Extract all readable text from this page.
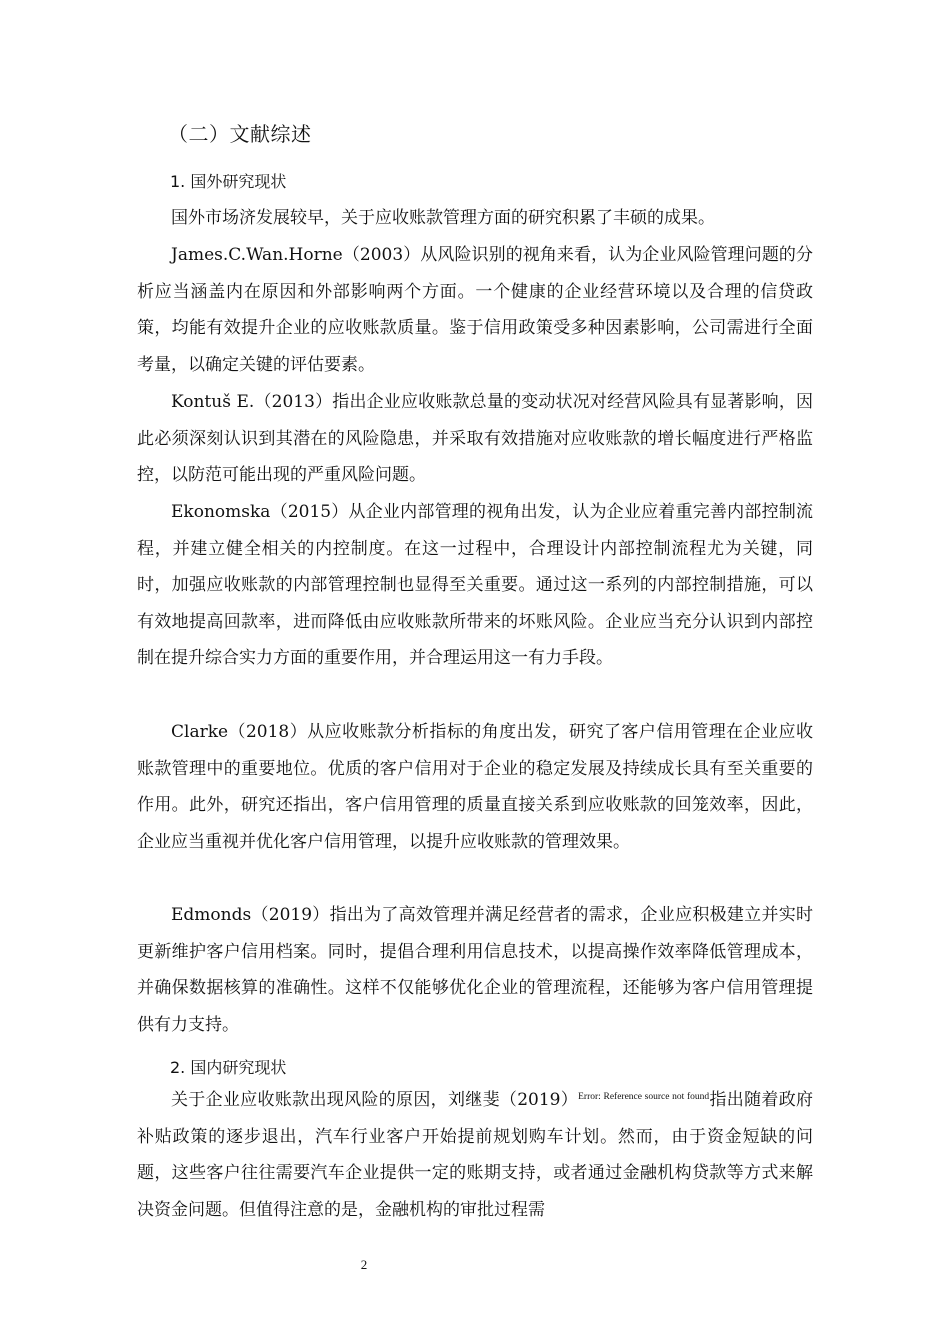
（二）文献综述
1. 国外研究现状

国外市场济发展较早，关于应收账款管理方面的研究积累了丰硕的成果。

James.C.Wan.Horne（2003）从风险识别的视角来看，认为企业风险管理问题的分析应当涵盖内在原因和外部影响两个方面。一个健康的企业经营环境以及合理的信贷政策，均能有效提升企业的应收账款质量。鉴于信用政策受多种因素影响，公司需进行全面考量，以确定关键的评估要素。

Kontuš E.（2013）指出企业应收账款总量的变动状况对经营风险具有显著影响，因此必须深刻认识到其潜在的风险隐患，并采取有效措施对应收账款的增长幅度进行严格监控，以防范可能出现的严重风险问题。

Ekonomska（2015）从企业内部管理的视角出发，认为企业应着重完善内部控制流程，并建立健全相关的内控制度。在这一过程中，合理设计内部控制流程尤为关键，同时，加强应收账款的内部管理控制也显得至关重要。通过这一系列的内部控制措施，可以有效地提高回款率，进而降低由应收账款所带来的坏账风险。企业应当充分认识到内部控制在提升综合实力方面的重要作用，并合理运用这一有力手段。

Clarke（2018）从应收账款分析指标的角度出发，研究了客户信用管理在企业应收账款管理中的重要地位。优质的客户信用对于企业的稳定发展及持续成长具有至关重要的作用。此外，研究还指出，客户信用管理的质量直接关系到应收账款的回笼效率，因此，企业应当重视并优化客户信用管理，以提升应收账款的管理效果。

Edmonds（2019）指出为了高效管理并满足经营者的需求，企业应积极建立并实时更新维护客户信用档案。同时，提倡合理利用信息技术，以提高操作效率降低管理成本，并确保数据核算的准确性。这样不仅能够优化企业的管理流程，还能够为客户信用管理提供有力支持。

2. 国内研究现状

关于企业应收账款出现风险的原因，刘继斐（2019）$^{Error: Reference source not found}$指出随着政府补贴政策的逐步退出，汽车行业客户开始提前规划购车计划。然而，由于资金短缺的问题，这些客户往往需要汽车企业提供一定的账期支持，或者通过金融机构贷款等方式来解决资金问题。但值得注意的是，金融机构的审批过程需

2
